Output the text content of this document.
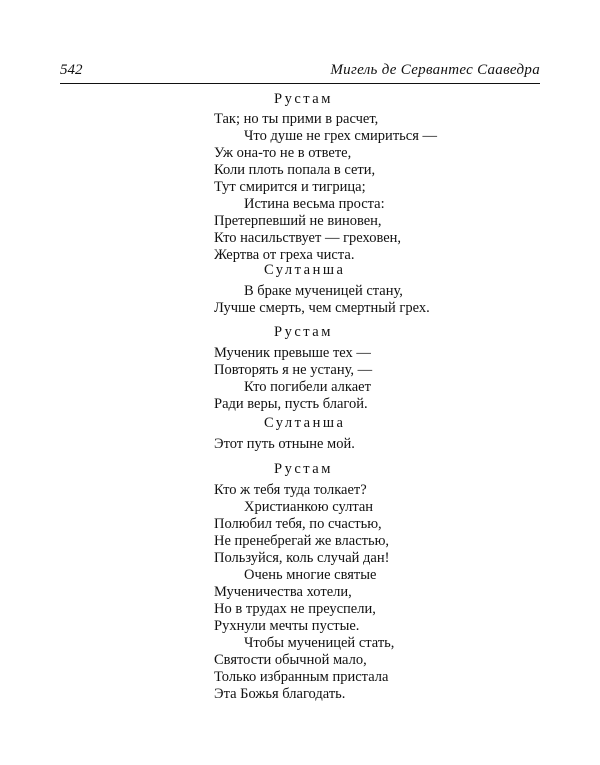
542	Мигель де Сервантес Сааведра
Рустам
Так; но ты прими в расчет,
Что душе не грех смириться —
Уж она-то не в ответе,
Коли плоть попала в сети,
Тут смирится и тигрица;
Истина весьма проста:
Претерпевший не виновен,
Кто насильствует — греховен,
Жертва от греха чиста.
Султанша
В браке мученицей стану,
Лучше смерть, чем смертный грех.
Рустам
Мученик превыше тех —
Повторять я не устану, —
Кто погибели алкает
Ради веры, пусть благой.
Султанша
Этот путь отныне мой.
Рустам
Кто ж тебя туда толкает?
Христианкою султан
Полюбил тебя, по счастью,
Не пренебрегай же властью,
Пользуйся, коль случай дан!
Очень многие святые
Мученичества хотели,
Но в трудах не преуспели,
Рухнули мечты пустые.
Чтобы мученицей стать,
Святости обычной мало,
Только избранным пристала
Эта Божья благодать.
